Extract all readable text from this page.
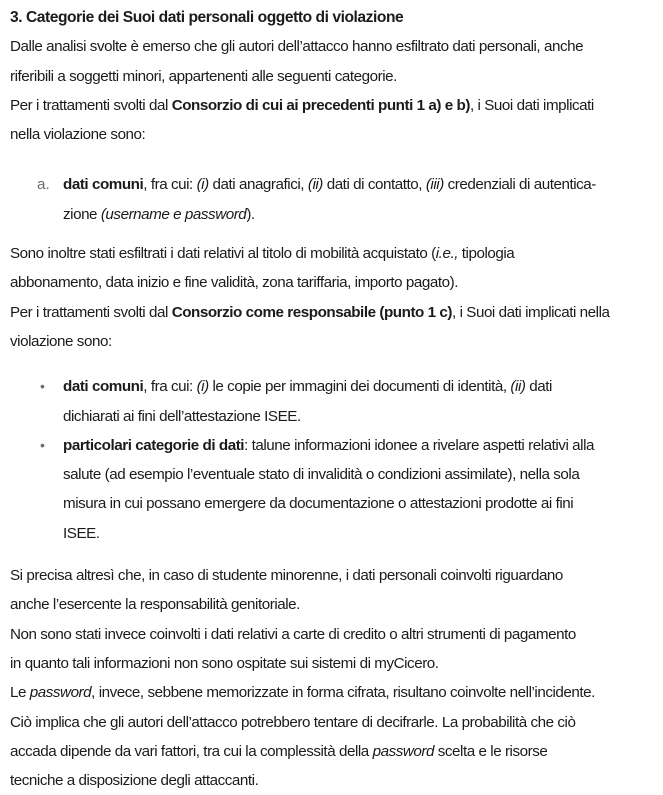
3. Categorie dei Suoi dati personali oggetto di violazione
Dalle analisi svolte è emerso che gli autori dell’attacco hanno esfiltrato dati personali, anche
riferibili a soggetti minori, appartenenti alle seguenti categorie.
Per i trattamenti svolti dal Consorzio di cui ai precedenti punti 1 a) e b), i Suoi dati implicati
nella violazione sono:
a. dati comuni, fra cui: (i) dati anagrafici, (ii) dati di contatto, (iii) credenziali di autentica-
zione (username e password).
Sono inoltre stati esfiltrati i dati relativi al titolo di mobilità acquistato (i.e., tipologia
abbonamento, data inizio e fine validità, zona tariffaria, importo pagato).
Per i trattamenti svolti dal Consorzio come responsabile (punto 1 c), i Suoi dati implicati nella
violazione sono:
• dati comuni, fra cui: (i) le copie per immagini dei documenti di identità, (ii) dati
dichiarati ai fini dell’attestazione ISEE.
• particolari categorie di dati: talune informazioni idonee a rivelare aspetti relativi alla
salute (ad esempio l’eventuale stato di invalidità o condizioni assimilate), nella sola
misura in cui possano emergere da documentazione o attestazioni prodotte ai fini
ISEE.
Si precisa altresì che, in caso di studente minorenne, i dati personali coinvolti riguardano
anche l’esercente la responsabilità genitoriale.
Non sono stati invece coinvolti i dati relativi a carte di credito o altri strumenti di pagamento
in quanto tali informazioni non sono ospitate sui sistemi di myCicero.
Le password, invece, sebbene memorizzate in forma cifrata, risultano coinvolte nell’incidente.
Ciò implica che gli autori dell’attacco potrebbero tentare di decifrarle. La probabilità che ciò
accada dipende da vari fattori, tra cui la complessità della password scelta e le risorse
tecniche a disposizione degli attaccanti.
